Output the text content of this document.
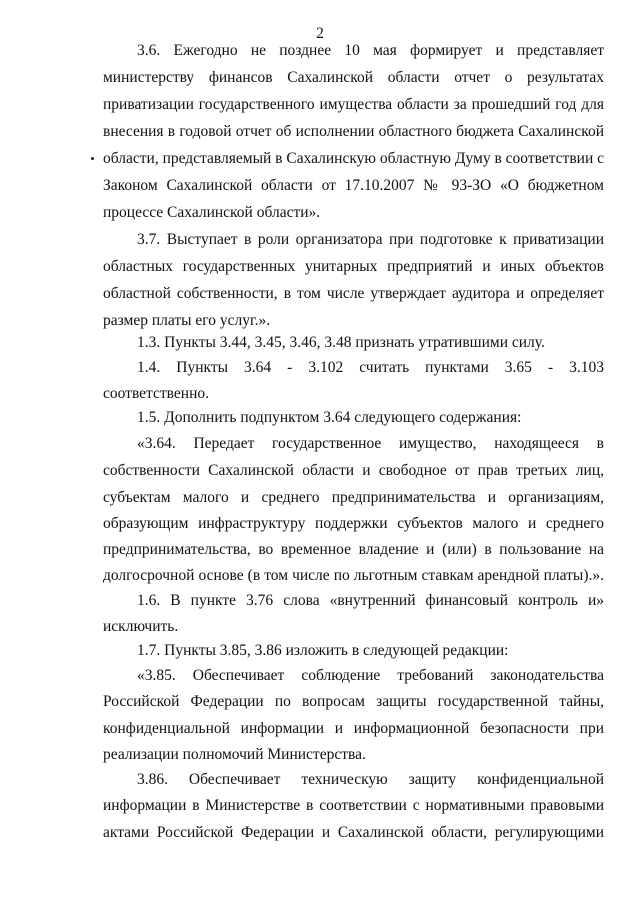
2
3.6. Ежегодно не позднее 10 мая формирует и представляет
министерству финансов Сахалинской области отчет о результатах
приватизации государственного имущества области за прошедший год для
внесения в годовой отчет об исполнении областного бюджета Сахалинской
области, представляемый в Сахалинскую областную Думу в соответствии с
Законом Сахалинской области от 17.10.2007 № 93-ЗО «О бюджетном
процессе Сахалинской области».
3.7. Выступает в роли организатора при подготовке к приватизации
областных государственных унитарных предприятий и иных объектов
областной собственности, в том числе утверждает аудитора и определяет
размер платы его услуг.».
1.3. Пункты 3.44, 3.45, 3.46, 3.48 признать утратившими силу.
1.4. Пункты 3.64 - 3.102 считать пунктами 3.65 - 3.103
соответственно.
1.5. Дополнить подпунктом 3.64 следующего содержания:
«3.64. Передает государственное имущество, находящееся в
собственности Сахалинской области и свободное от прав третьих лиц,
субъектам малого и среднего предпринимательства и организациям,
образующим инфраструктуру поддержки субъектов малого и среднего
предпринимательства, во временное владение и (или) в пользование на
долгосрочной основе (в том числе по льготным ставкам арендной платы).».
1.6. В пункте 3.76 слова «внутренний финансовый контроль и»
исключить.
1.7. Пункты 3.85, 3.86 изложить в следующей редакции:
«3.85. Обеспечивает соблюдение требований законодательства
Российской Федерации по вопросам защиты государственной тайны,
конфиденциальной информации и информационной безопасности при
реализации полномочий Министерства.
3.86. Обеспечивает техническую защиту конфиденциальной
информации в Министерстве в соответствии с нормативными правовыми
актами Российской Федерации и Сахалинской области, регулирующими
